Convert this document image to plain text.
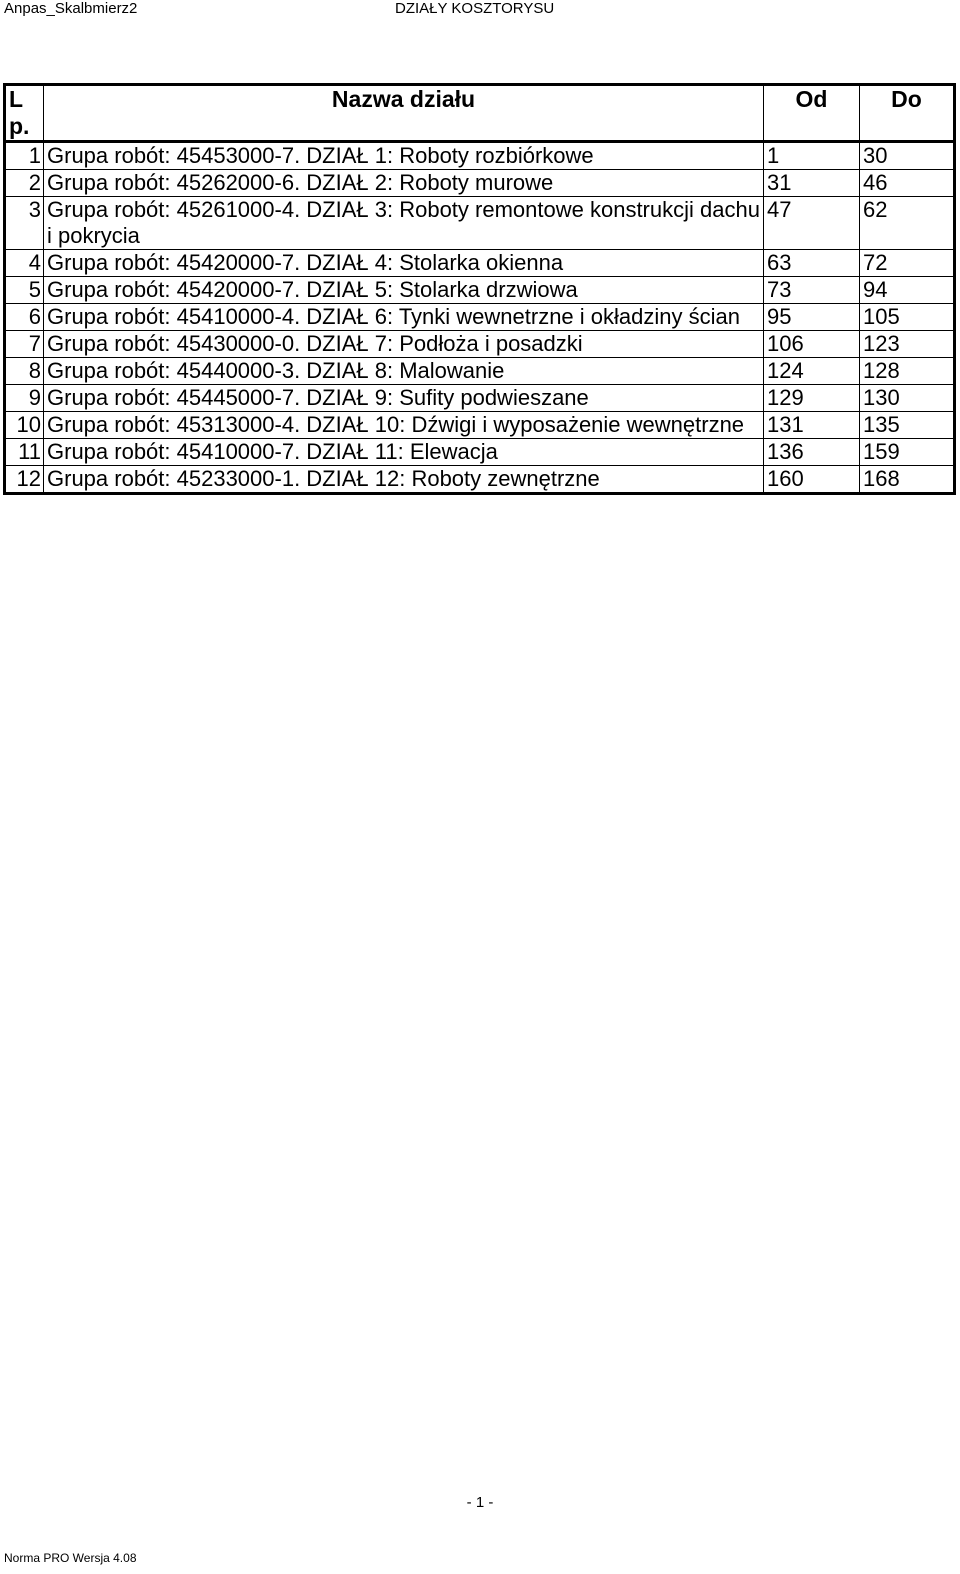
Anpas_Skalbmierz2	DZIAŁY KOSZTORYSU
L p.	Nazwa działu	Od	Do
1	Grupa robót: 45453000-7. DZIAŁ 1: Roboty rozbiórkowe	1	30
2	Grupa robót: 45262000-6. DZIAŁ 2: Roboty murowe	31	46
3	Grupa robót: 45261000-4. DZIAŁ 3: Roboty remontowe konstrukcji dachu i pokrycia	47	62
4	Grupa robót: 45420000-7. DZIAŁ 4: Stolarka okienna	63	72
5	Grupa robót: 45420000-7. DZIAŁ 5: Stolarka drzwiowa	73	94
6	Grupa robót: 45410000-4. DZIAŁ 6: Tynki wewnetrzne i okładziny ścian	95	105
7	Grupa robót: 45430000-0. DZIAŁ 7: Podłoża i posadzki	106	123
8	Grupa robót: 45440000-3. DZIAŁ 8: Malowanie	124	128
9	Grupa robót: 45445000-7. DZIAŁ 9: Sufity podwieszane	129	130
10	Grupa robót: 45313000-4. DZIAŁ 10: Dźwigi i wyposażenie wewnętrzne	131	135
11	Grupa robót: 45410000-7. DZIAŁ 11: Elewacja	136	159
12	Grupa robót: 45233000-1. DZIAŁ 12: Roboty zewnętrzne	160	168
- 1 -
Norma PRO Wersja 4.08
